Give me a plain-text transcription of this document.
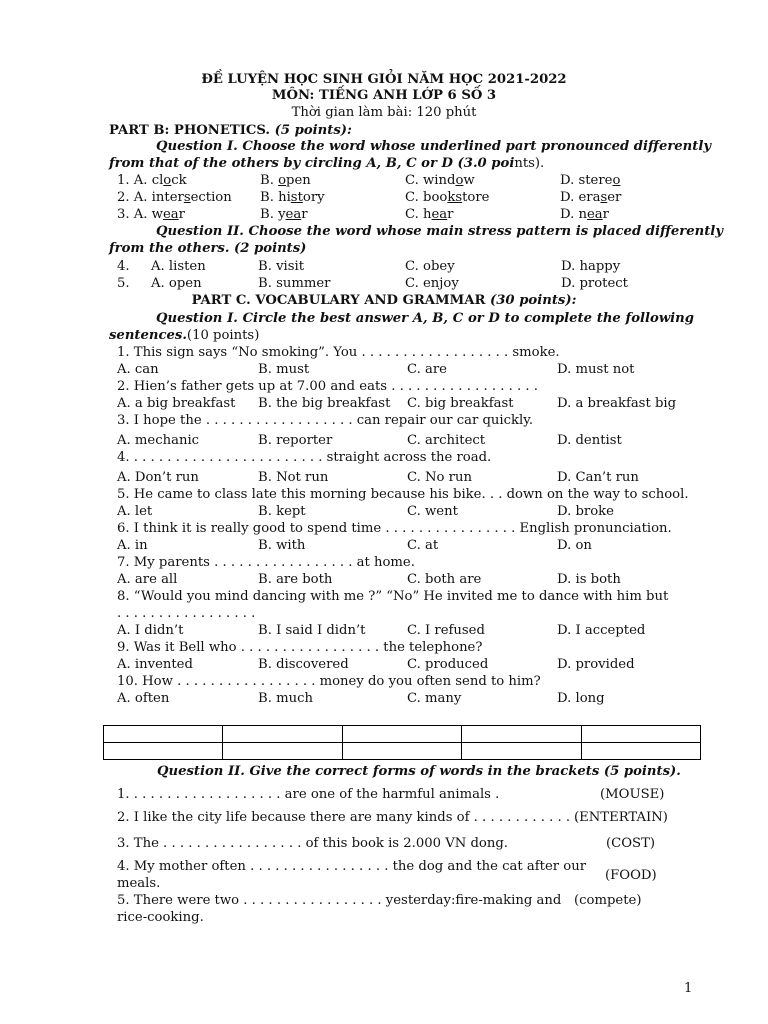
ĐỀ LUYỆN HỌC SINH GIỎI NĂM HỌC 2021-2022
MÔN: TIẾNG ANH LỚP 6 SỐ 3
Thời gian làm bài: 120 phút
PART B: PHONETICS. (5 points):
Question I. Choose the word whose underlined part pronounced differently
from that of the others by circling A, B, C or D (3.0 points).
1. A. clock	B. open	C. window	D. stereo
2. A. intersection B. history	C. bookstore	D. eraser
3. A. wear	B. year	C. hear	D. near
Question II. Choose the word whose main stress pattern is placed differently
from the others. (2 points)
4. A. listen	B. visit	C. obey	D. happy
5. A. open	B. summer	C. enjoy	D. protect
PART C. VOCABULARY AND GRAMMAR (30 points):
Question I. Circle the best answer A, B, C or D to complete the following
sentences.(10 points)
1. This sign says “No smoking”. You . . . . . . . . . . . . . . . . . . smoke.
A. can	B. must	C. are	D. must not
2. Hien’s father gets up at 7.00 and eats . . . . . . . . . . . . . . . . . .
A. a big breakfast B. the big breakfast C. big breakfast	D. a breakfast big
3. I hope the . . . . . . . . . . . . . . . . . . can repair our car quickly.
A. mechanic	B. reporter	C. architect	D. dentist
4. . . . . . . . . . . . . . . . . . . . . . . . straight across the road.
A. Don’t run	B. Not run	C. No run	D. Can’t run
5. He came to class late this morning because his bike. . . down on the way to school.
A. let	B. kept	C. went	D. broke
6. I think it is really good to spend time . . . . . . . . . . . . . . . . English pronunciation.
A. in	B. with	C. at	D. on
7. My parents . . . . . . . . . . . . . . . . . at home.
A. are all	B. are both	C. both are	D. is both
8. “Would you mind dancing with me ?” “No” He invited me to dance with him but
. . . . . . . . . . . . . . . . .
A. I didn’t	B. I said I didn’t	C. I refused	D. I accepted
9. Was it Bell who . . . . . . . . . . . . . . . . . the telephone?
A. invented	B. discovered	C. produced	D. provided
10. How . . . . . . . . . . . . . . . . . money do you often send to him?
A. often	B. much	C. many	D. long

Question II. Give the correct forms of words in the brackets (5 points).
1. . . . . . . . . . . . . . . . . . . are one of the harmful animals .	(MOUSE)
2. I like the city life because there are many kinds of . . . . . . . . . . . . .
(ENTERTAIN)
3. The . . . . . . . . . . . . . . . . . of this book is 2.000 VN dong.	(COST)
4. My mother often . . . . . . . . . . . . . . . . . the dog and the cat after our
meals.
(FOOD)
5. There were two . . . . . . . . . . . . . . . . . yesterday:fire-making and
rice-cooking.
(compete)
1
